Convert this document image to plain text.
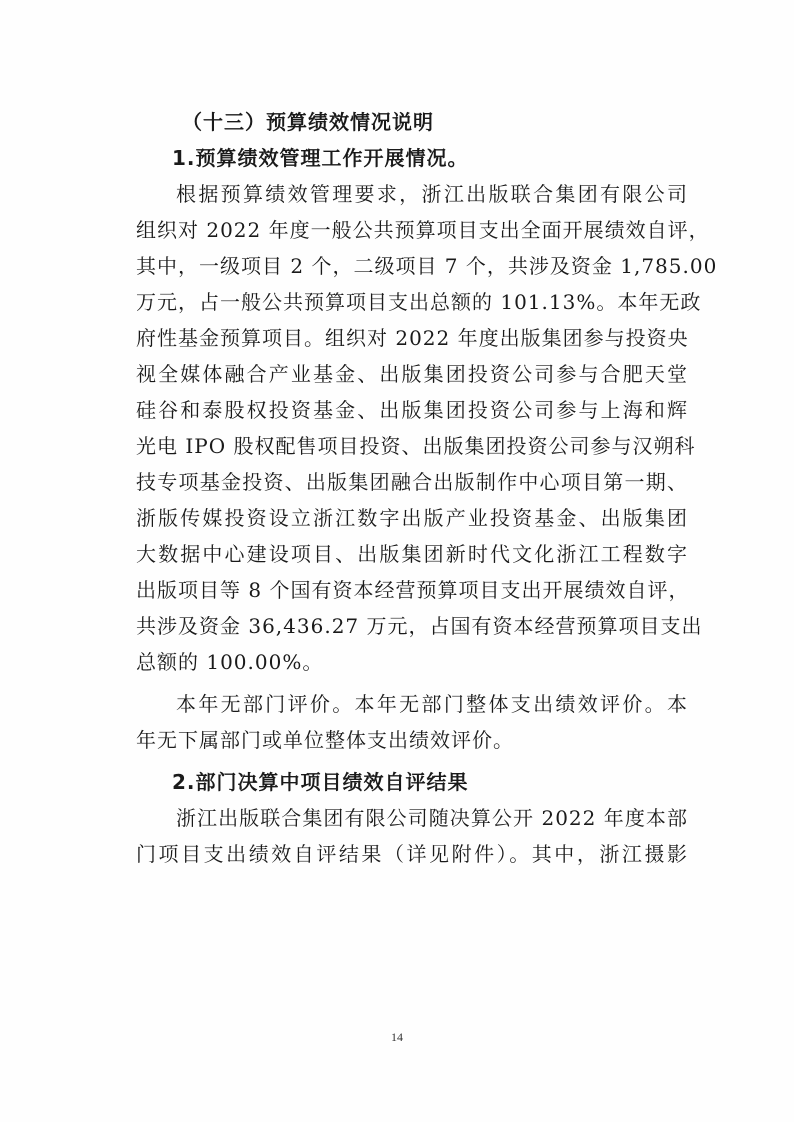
（十三）预算绩效情况说明
1.预算绩效管理工作开展情况。
根据预算绩效管理要求，浙江出版联合集团有限公司
组织对 2022 年度一般公共预算项目支出全面开展绩效自评，
其中，一级项目 2 个，二级项目 7 个，共涉及资金 1,785.00
万元，占一般公共预算项目支出总额的 101.13%。本年无政
府性基金预算项目。组织对 2022 年度出版集团参与投资央
视全媒体融合产业基金、出版集团投资公司参与合肥天堂
硅谷和泰股权投资基金、出版集团投资公司参与上海和辉
光电 IPO 股权配售项目投资、出版集团投资公司参与汉朔科
技专项基金投资、出版集团融合出版制作中心项目第一期、
浙版传媒投资设立浙江数字出版产业投资基金、出版集团
大数据中心建设项目、出版集团新时代文化浙江工程数字
出版项目等 8 个国有资本经营预算项目支出开展绩效自评，
共涉及资金 36,436.27 万元，占国有资本经营预算项目支出
总额的 100.00%。
本年无部门评价。本年无部门整体支出绩效评价。本
年无下属部门或单位整体支出绩效评价。
2.部门决算中项目绩效自评结果
浙江出版联合集团有限公司随决算公开 2022 年度本部
门项目支出绩效自评结果（详见附件）。其中，浙江摄影
14
